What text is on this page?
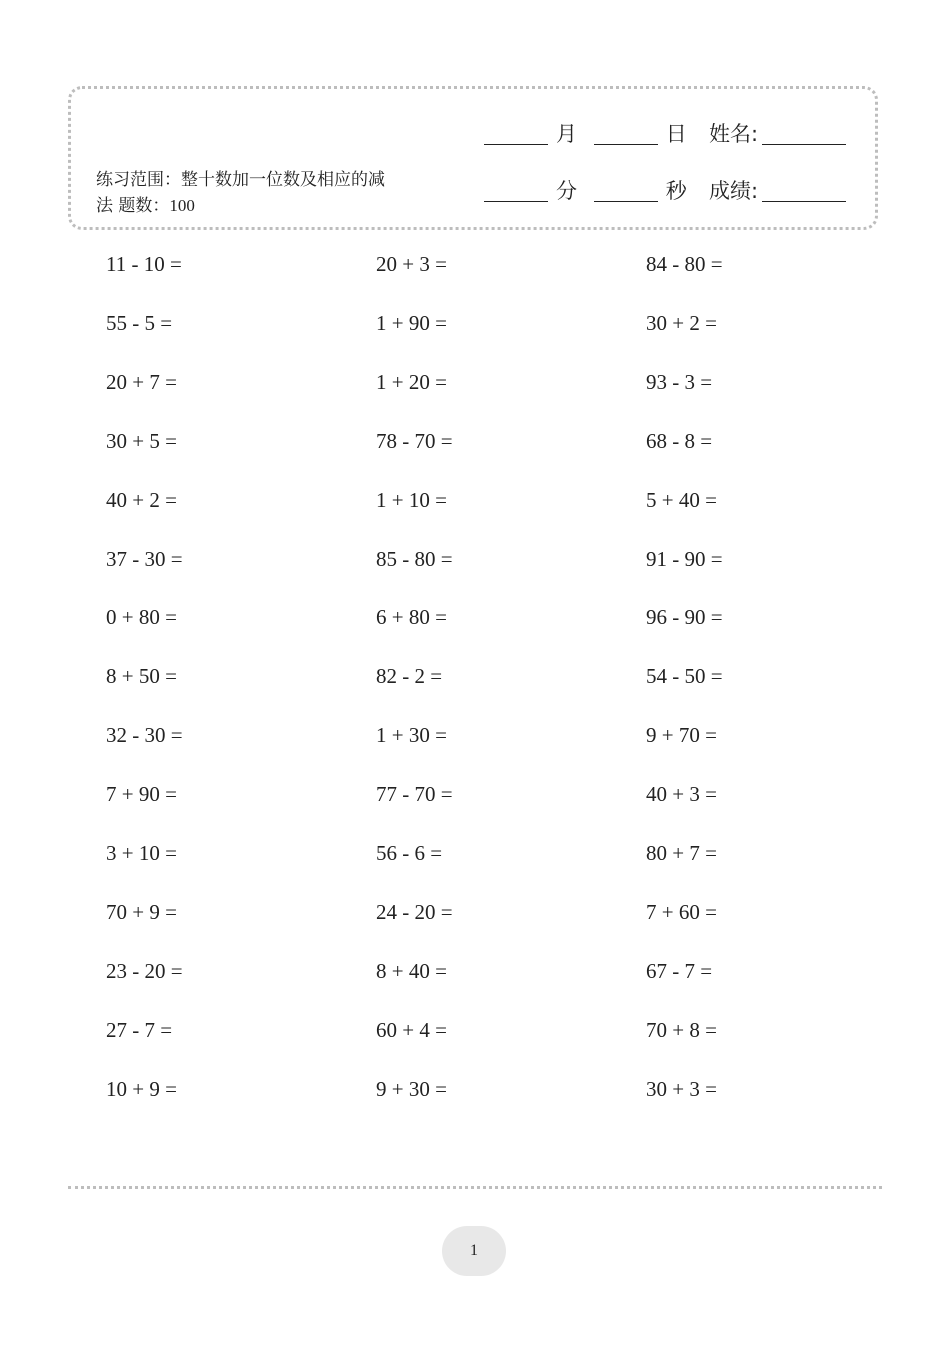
练习范围：整十数加一位数及相应的减法 题数：100
月	日 姓名:
分	秒 成绩:
11 - 10 =	20 + 3 =	84 - 80 =
55 - 5 =	1 + 90 =	30 + 2 =
20 + 7 =	1 + 20 =	93 - 3 =
30 + 5 =	78 - 70 =	68 - 8 =
40 + 2 =	1 + 10 =	5 + 40 =
37 - 30 =	85 - 80 =	91 - 90 =
0 + 80 =	6 + 80 =	96 - 90 =
8 + 50 =	82 - 2 =	54 - 50 =
32 - 30 =	1 + 30 =	9 + 70 =
7 + 90 =	77 - 70 =	40 + 3 =
3 + 10 =	56 - 6 =	80 + 7 =
70 + 9 =	24 - 20 =	7 + 60 =
23 - 20 =	8 + 40 =	67 - 7 =
27 - 7 =	60 + 4 =	70 + 8 =
10 + 9 =	9 + 30 =	30 + 3 =
1
